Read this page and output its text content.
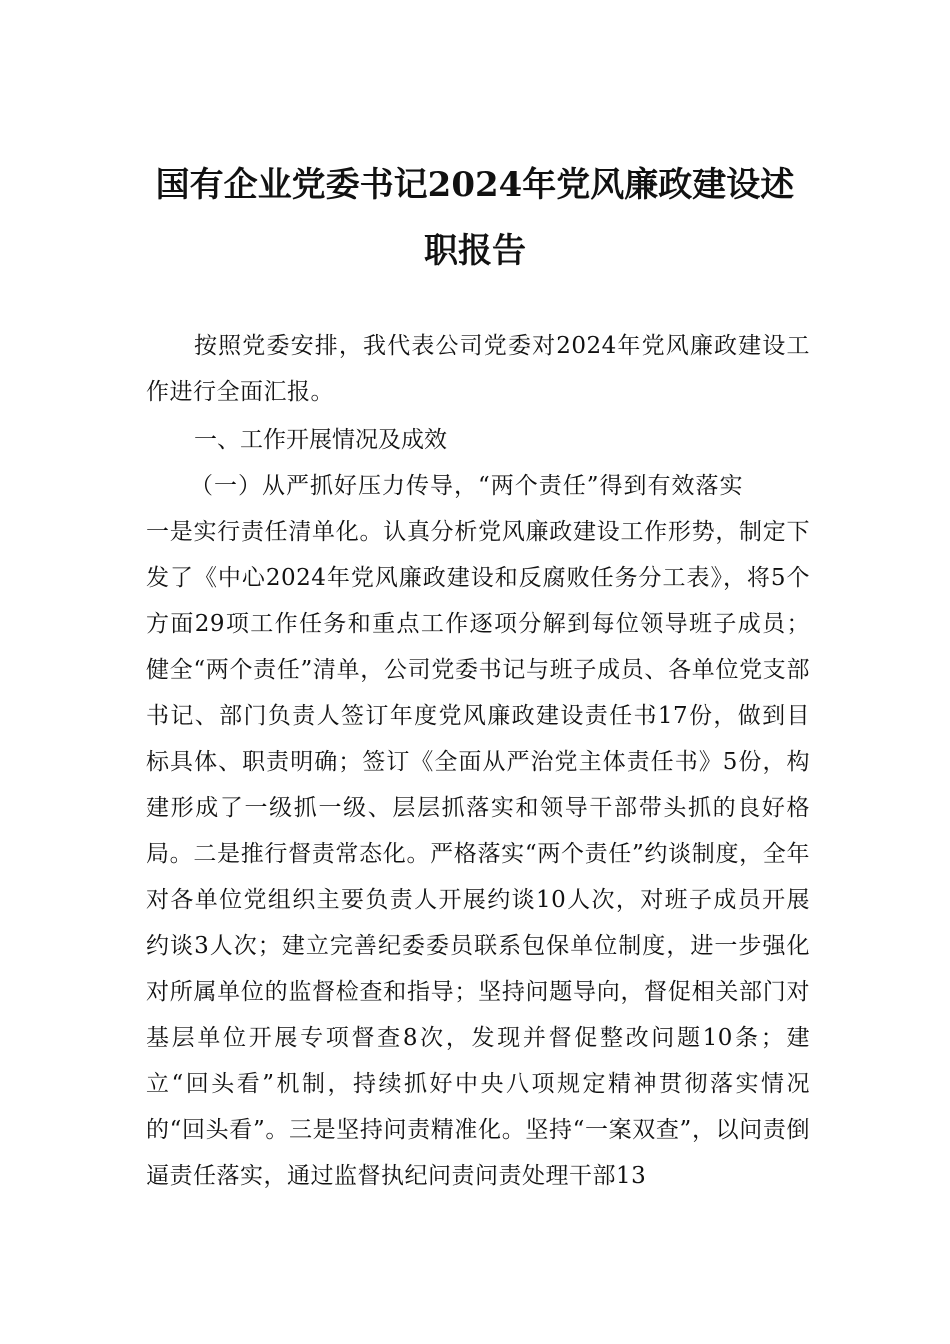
国有企业党委书记2024年党风廉政建设述
职报告
按照党委安排，我代表公司党委对2024年党风廉政建设工作进行全面汇报。
一、工作开展情况及成效
（一）从严抓好压力传导，“两个责任”得到有效落实
一是实行责任清单化。认真分析党风廉政建设工作形势，制定下发了《中心2024年党风廉政建设和反腐败任务分工表》，将5个方面29项工作任务和重点工作逐项分解到每位领导班子成员；健全“两个责任”清单，公司党委书记与班子成员、各单位党支部书记、部门负责人签订年度党风廉政建设责任书17份，做到目标具体、职责明确；签订《全面从严治党主体责任书》5份，构建形成了一级抓一级、层层抓落实和领导干部带头抓的良好格局。二是推行督责常态化。严格落实“两个责任”约谈制度，全年对各单位党组织主要负责人开展约谈10人次，对班子成员开展约谈3人次；建立完善纪委委员联系包保单位制度，进一步强化对所属单位的监督检查和指导；坚持问题导向，督促相关部门对基层单位开展专项督查8次，发现并督促整改问题10条；建立“回头看”机制，持续抓好中央八项规定精神贯彻落实情况的“回头看”。三是坚持问责精准化。坚持“一案双查”，以问责倒逼责任落实，通过监督执纪问责问责处理干部13
